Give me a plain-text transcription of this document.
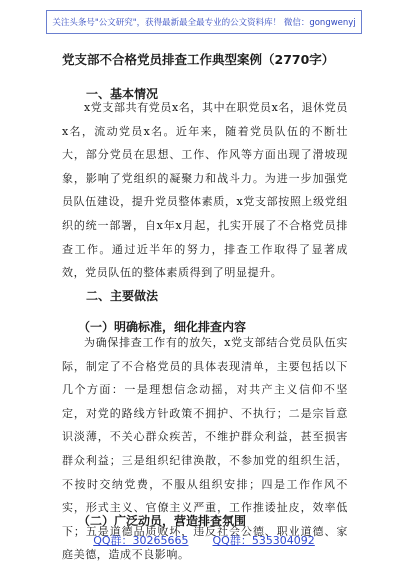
关注头条号"公文研究"，获得最新最全最专业的公文资料库！ 微信：gongwenyj
党支部不合格党员排查工作典型案例（2770字）
一、基本情况

x党支部共有党员x名，其中在职党员x名，退休党员x名，流动党员x名。近年来，随着党员队伍的不断壮大，部分党员在思想、工作、作风等方面出现了滑坡现象，影响了党组织的凝聚力和战斗力。为进一步加强党员队伍建设，提升党员整体素质，x党支部按照上级党组织的统一部署，自x年x月起，扎实开展了不合格党员排查工作。通过近半年的努力，排查工作取得了显著成效，党员队伍的整体素质得到了明显提升。

二、主要做法
（一）明确标准，细化排查内容

为确保排查工作有的放矢，x党支部结合党员队伍实际，制定了不合格党员的具体表现清单，主要包括以下几个方面：一是理想信念动摇，对共产主义信仰不坚定，对党的路线方针政策不拥护、不执行；二是宗旨意识淡薄，不关心群众疾苦，不维护群众利益，甚至损害群众利益；三是组织纪律涣散，不参加党的组织生活，不按时交纳党费，不服从组织安排；四是工作作风不实，形式主义、官僚主义严重，工作推诿扯皮，效率低下；五是道德品质败坏，违反社会公德、职业道德、家庭美德，造成不良影响。

（二）广泛动员，营造排查氛围
QQ群：30265665 QQ群：535304092
